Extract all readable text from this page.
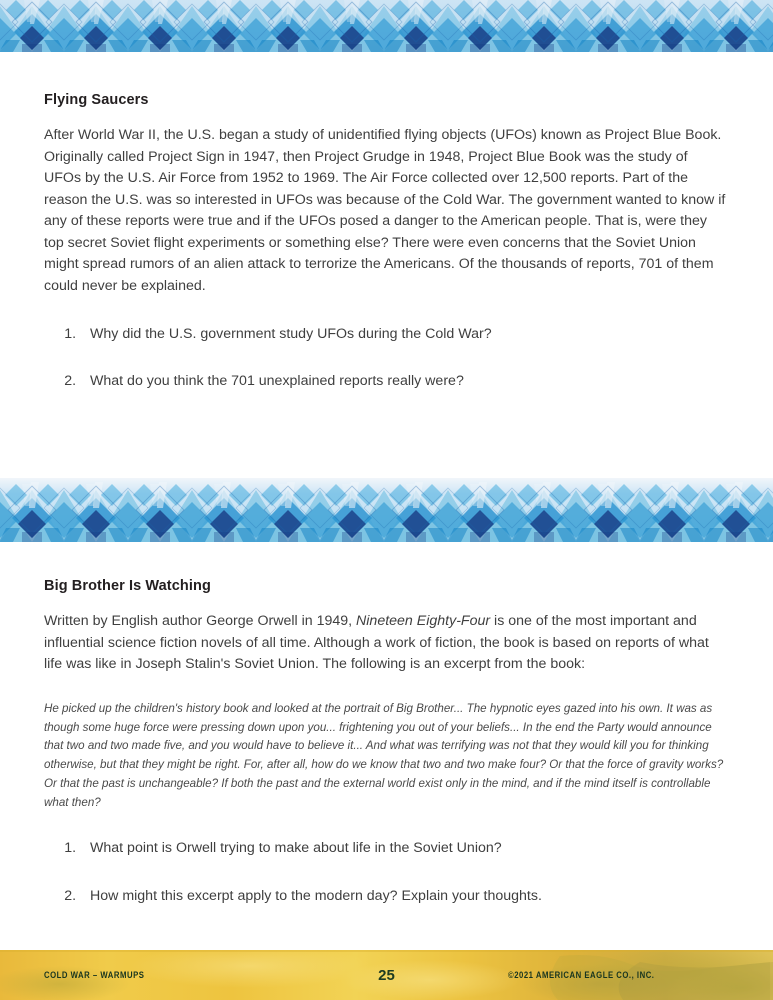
Flying Saucers

After World War II, the U.S. began a study of unidentified flying objects (UFOs) known as Project Blue Book. Originally called Project Sign in 1947, then Project Grudge in 1948, Project Blue Book was the study of UFOs by the U.S. Air Force from 1952 to 1969. The Air Force collected over 12,500 reports. Part of the reason the U.S. was so interested in UFOs was because of the Cold War. The government wanted to know if any of these reports were true and if the UFOs posed a danger to the American people. That is, were they top secret Soviet flight experiments or something else? There were even concerns that the Soviet Union might spread rumors of an alien attack to terrorize the Americans. Of the thousands of reports, 701 of them could never be explained.

1. Why did the U.S. government study UFOs during the Cold War?
2. What do you think the 701 unexplained reports really were?
Big Brother Is Watching

Written by English author George Orwell in 1949, Nineteen Eighty-Four is one of the most important and influential science fiction novels of all time. Although a work of fiction, the book is based on reports of what life was like in Joseph Stalin's Soviet Union. The following is an excerpt from the book:

He picked up the children's history book and looked at the portrait of Big Brother... The hypnotic eyes gazed into his own. It was as though some huge force were pressing down upon you... frightening you out of your beliefs... In the end the Party would announce that two and two made five, and you would have to believe it... And what was terrifying was not that they would kill you for thinking otherwise, but that they might be right. For, after all, how do we know that two and two make four? Or that the force of gravity works? Or that the past is unchangeable? If both the past and the external world exist only in the mind, and if the mind itself is controllable what then?

1. What point is Orwell trying to make about life in the Soviet Union?
2. How might this excerpt apply to the modern day? Explain your thoughts.
COLD WAR – WARMUPS	25	©2021 AMERICAN EAGLE CO., INC.
